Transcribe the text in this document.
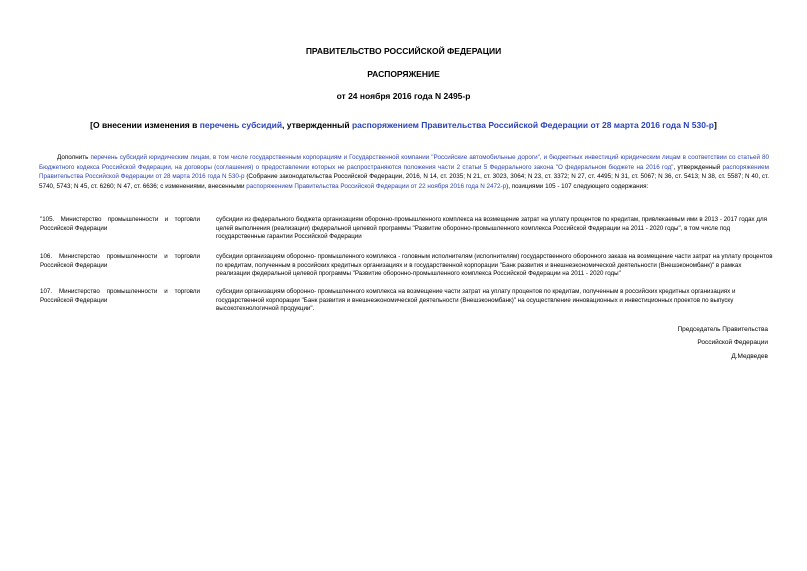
ПРАВИТЕЛЬСТВО РОССИЙСКОЙ ФЕДЕРАЦИИ
РАСПОРЯЖЕНИЕ
от 24 ноября 2016 года N 2495-р
[О внесении изменения в перечень субсидий, утвержденный распоряжением Правительства Российской Федерации от 28 марта 2016 года N 530-р]
Дополнить перечень субсидий юридическим лицам, в том числе государственным корпорациям и Государственной компании "Российские автомобильные дороги", и бюджетных инвестиций юридическим лицам в соответствии со статьей 80 Бюджетного кодекса Российской Федерации, на договоры (соглашения) о предоставлении которых не распространяются положения части 2 статьи 5 Федерального закона "О федеральном бюджете на 2016 год", утвержденный распоряжением Правительства Российской Федерации от 28 марта 2016 года N 530-р (Собрание законодательства Российской Федерации, 2016, N 14, ст. 2035; N 21, ст. 3023, 3064; N 23, ст. 3372; N 27, ст. 4495; N 31, ст. 5067; N 36, ст. 5413; N 38, ст. 5587; N 40, ст. 5740, 5743; N 45, ст. 6260; N 47, ст. 6636; с изменениями, внесенными распоряжением Правительства Российской Федерации от 22 ноября 2016 года N 2472-р), позициями 105 - 107 следующего содержания:
"105. Министерство промышленности и торговли Российской Федерации
субсидии из федерального бюджета организациям оборонно-промышленного комплекса на возмещение затрат на уплату процентов по кредитам, привлекаемым ими в 2013 - 2017 годах для целей выполнения (реализации) федеральной целевой программы "Развитие оборонно-промышленного комплекса Российской Федерации на 2011 - 2020 годы", в том числе под государственные гарантии Российской Федерации
106. Министерство промышленности и торговли Российской Федерации
субсидии организациям оборонно- промышленного комплекса - головным исполнителям (исполнителям) государственного оборонного заказа на возмещение части затрат на уплату процентов по кредитам, полученным в российских кредитных организациях и в государственной корпорации "Банк развития и внешнеэкономической деятельности (Внешэкономбанк)" в рамках реализации федеральной целевой программы "Развитие оборонно-промышленного комплекса Российской Федерации на 2011 - 2020 годы"
107. Министерство промышленности и торговли Российской Федерации
субсидии организациям оборонно- промышленного комплекса на возмещение части затрат на уплату процентов по кредитам, полученным в российских кредитных организациях и государственной корпорации "Банк развития и внешнеэкономической деятельности (Внешэкономбанк)" на осуществление инновационных и инвестиционных проектов по выпуску высокотехнологичной продукции".
Председатель Правительства
Российской Федерации
Д.Медведев
